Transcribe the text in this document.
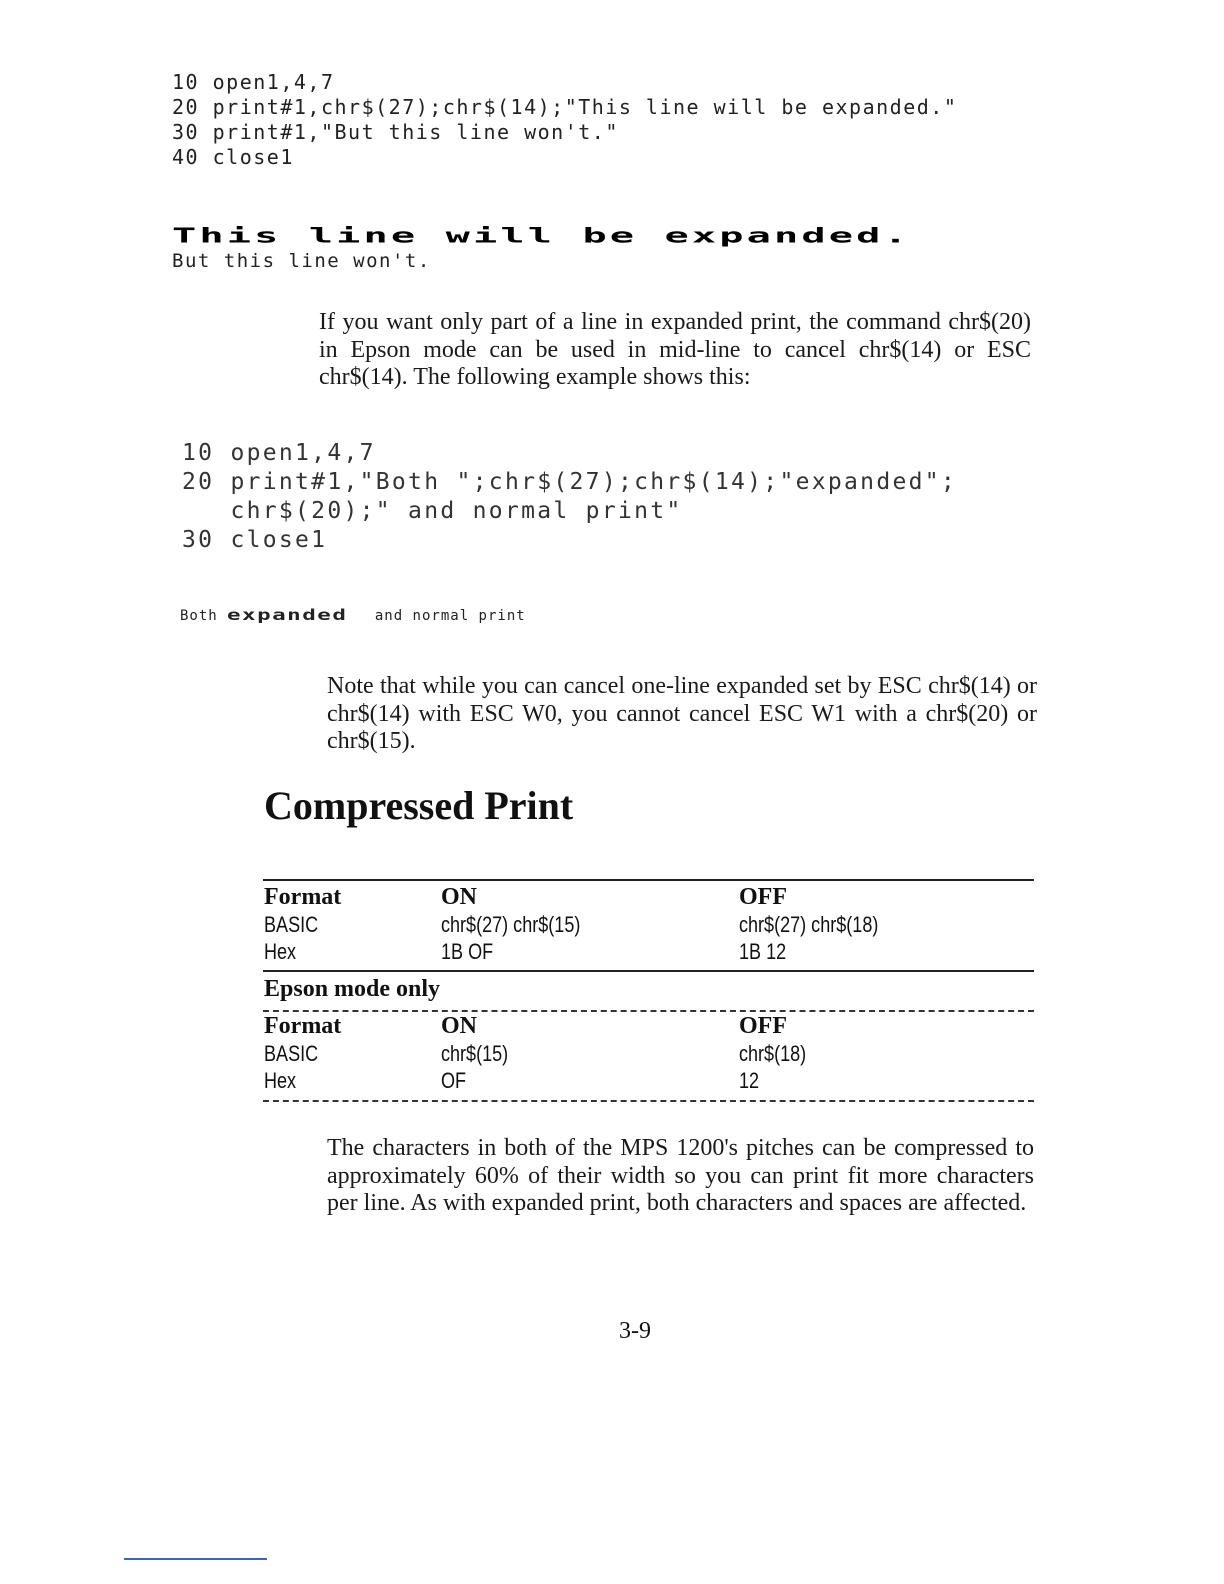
10 open1,4,7
20 print#1,chr$(27);chr$(14);"This line will be expanded."
30 print#1,"But this line won't."
40 close1
This line will be expanded.
But this line won't.
If you want only part of a line in expanded print, the command chr$(20) in Epson mode can be used in mid-line to cancel chr$(14) or ESC chr$(14). The following example shows this:
10 open1,4,7
20 print#1,"Both ";chr$(27);chr$(14);"expanded";
chr$(20);" and normal print"
30 close1
Both expanded and normal print
Note that while you can cancel one-line expanded set by ESC chr$(14) or chr$(14) with ESC W0, you cannot cancel ESC W1 with a chr$(20) or chr$(15).
Compressed Print
Format	ON	OFF
BASIC	chr$(27) chr$(15)	chr$(27) chr$(18)
Hex	1B OF	1B 12
Epson mode only
Format	ON	OFF
BASIC	chr$(15)	chr$(18)
Hex	OF	12
The characters in both of the MPS 1200's pitches can be compressed to approximately 60% of their width so you can print fit more characters per line. As with expanded print, both characters and spaces are affected.
3-9
